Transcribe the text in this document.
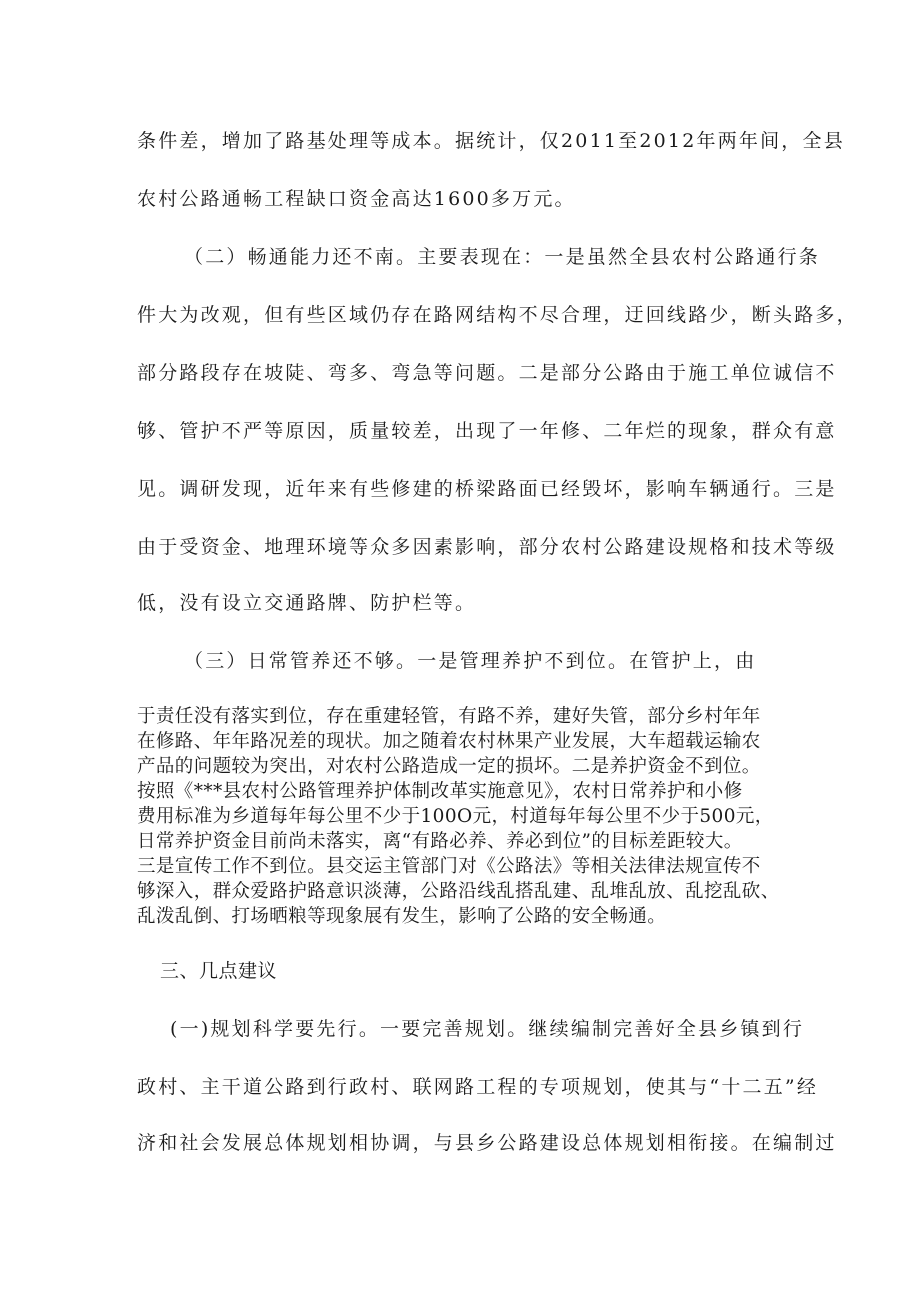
条件差，增加了路基处理等成本。据统计，仅2011至2012年两年间，全县
农村公路通畅工程缺口资金高达1600多万元。
（二）畅通能力还不南。主要表现在：一是虽然全县农村公路通行条
件大为改观，但有些区域仍存在路网结构不尽合理，迂回线路少，断头路多，
部分路段存在坡陡、弯多、弯急等问题。二是部分公路由于施工单位诚信不
够、管护不严等原因，质量较差，出现了一年修、二年烂的现象，群众有意
见。调研发现，近年来有些修建的桥梁路面已经毁坏，影响车辆通行。三是
由于受资金、地理环境等众多因素影响，部分农村公路建设规格和技术等级
低，没有设立交通路牌、防护栏等。
（三）日常管养还不够。一是管理养护不到位。在管护上，由
于责任没有落实到位，存在重建轻管，有路不养，建好失管，部分乡村年年
在修路、年年路况差的现状。加之随着农村林果产业发展，大车超载运输农
产品的问题较为突出，对农村公路造成一定的损坏。二是养护资金不到位。
按照《***县农村公路管理养护体制改革实施意见》，农村日常养护和小修
费用标准为乡道每年每公里不少于100O元，村道每年每公里不少于500元，
日常养护资金目前尚未落实，离“有路必养、养必到位”的目标差距较大。
三是宣传工作不到位。县交运主管部门对《公路法》等相关法律法规宣传不
够深入，群众爱路护路意识淡薄，公路沿线乱搭乱建、乱堆乱放、乱挖乱砍、
乱泼乱倒、打场晒粮等现象展有发生，影响了公路的安全畅通。
三、几点建议
(一)规划科学要先行。一要完善规划。继续编制完善好全县乡镇到行
政村、主干道公路到行政村、联网路工程的专项规划，使其与“十二五”经
济和社会发展总体规划相协调，与县乡公路建设总体规划相衔接。在编制过
